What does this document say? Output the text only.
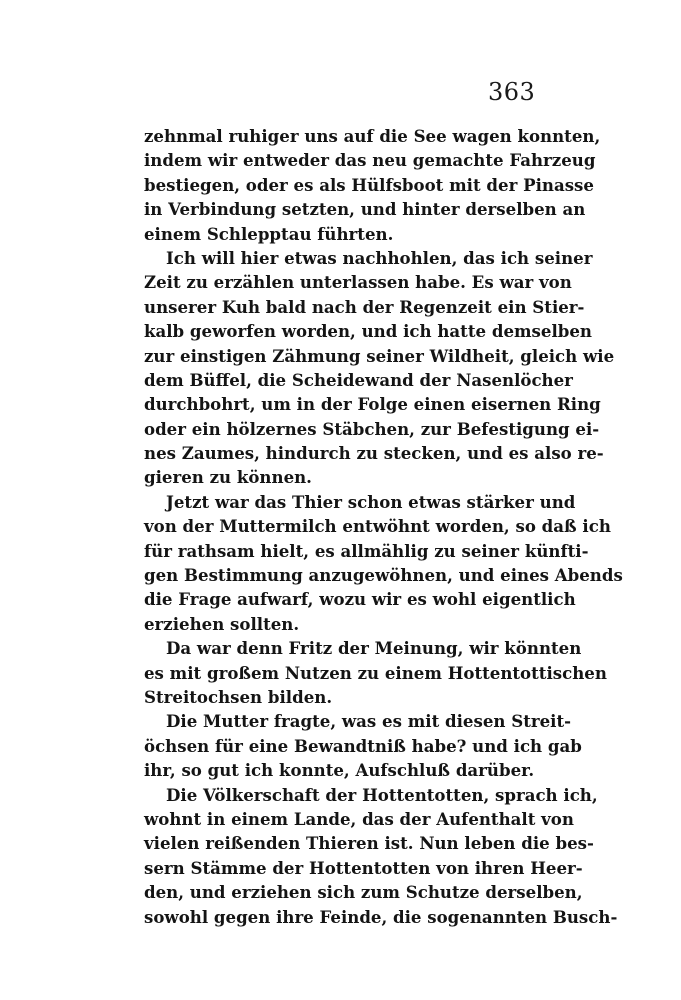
363
zehnmal ruhiger uns auf die See wagen konnten,
indem wir entweder das neu gemachte Fahrzeug
bestiegen, oder es als Hülfsboot mit der Pinasse
in Verbindung setzten, und hinter derselben an
einem Schlepptau führten.
Ich will hier etwas nachhohlen, das ich seiner
Zeit zu erzählen unterlassen habe. Es war von
unserer Kuh bald nach der Regenzeit ein Stier-
kalb geworfen worden, und ich hatte demselben
zur einstigen Zähmung seiner Wildheit, gleich wie
dem Büffel, die Scheidewand der Nasenlöcher
durchbohrt, um in der Folge einen eisernen Ring
oder ein hölzernes Stäbchen, zur Befestigung ei-
nes Zaumes, hindurch zu stecken, und es also re-
gieren zu können.
Jetzt war das Thier schon etwas stärker und
von der Muttermilch entwöhnt worden, so daß ich
für rathsam hielt, es allmählig zu seiner künfti-
gen Bestimmung anzugewöhnen, und eines Abends
die Frage aufwarf, wozu wir es wohl eigentlich
erziehen sollten.
Da war denn Fritz der Meinung, wir könnten
es mit großem Nutzen zu einem Hottentottischen
Streitochsen bilden.
Die Mutter fragte, was es mit diesen Streit-
öchsen für eine Bewandtniß habe? und ich gab
ihr, so gut ich konnte, Aufschluß darüber.
Die Völkerschaft der Hottentotten, sprach ich,
wohnt in einem Lande, das der Aufenthalt von
vielen reißenden Thieren ist. Nun leben die bes-
sern Stämme der Hottentotten von ihren Heer-
den, und erziehen sich zum Schutze derselben,
sowohl gegen ihre Feinde, die sogenannten Busch-
